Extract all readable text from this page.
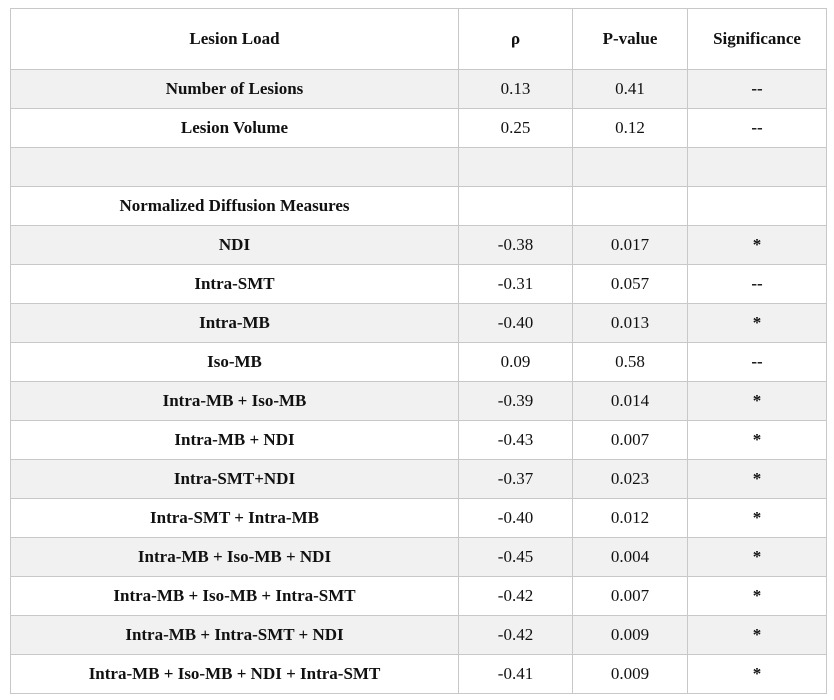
Lesion Load	ρ	P-value	Significance
Number of Lesions	0.13	0.41	--
Lesion Volume	0.25	0.12	--

Normalized Diffusion Measures			
NDI	-0.38	0.017	*
Intra-SMT	-0.31	0.057	--
Intra-MB	-0.40	0.013	*
Iso-MB	0.09	0.58	--
Intra-MB + Iso-MB	-0.39	0.014	*
Intra-MB + NDI	-0.43	0.007	*
Intra-SMT+NDI	-0.37	0.023	*
Intra-SMT + Intra-MB	-0.40	0.012	*
Intra-MB + Iso-MB + NDI	-0.45	0.004	*
Intra-MB + Iso-MB + Intra-SMT	-0.42	0.007	*
Intra-MB + Intra-SMT + NDI	-0.42	0.009	*
Intra-MB + Iso-MB + NDI + Intra-SMT	-0.41	0.009	*
